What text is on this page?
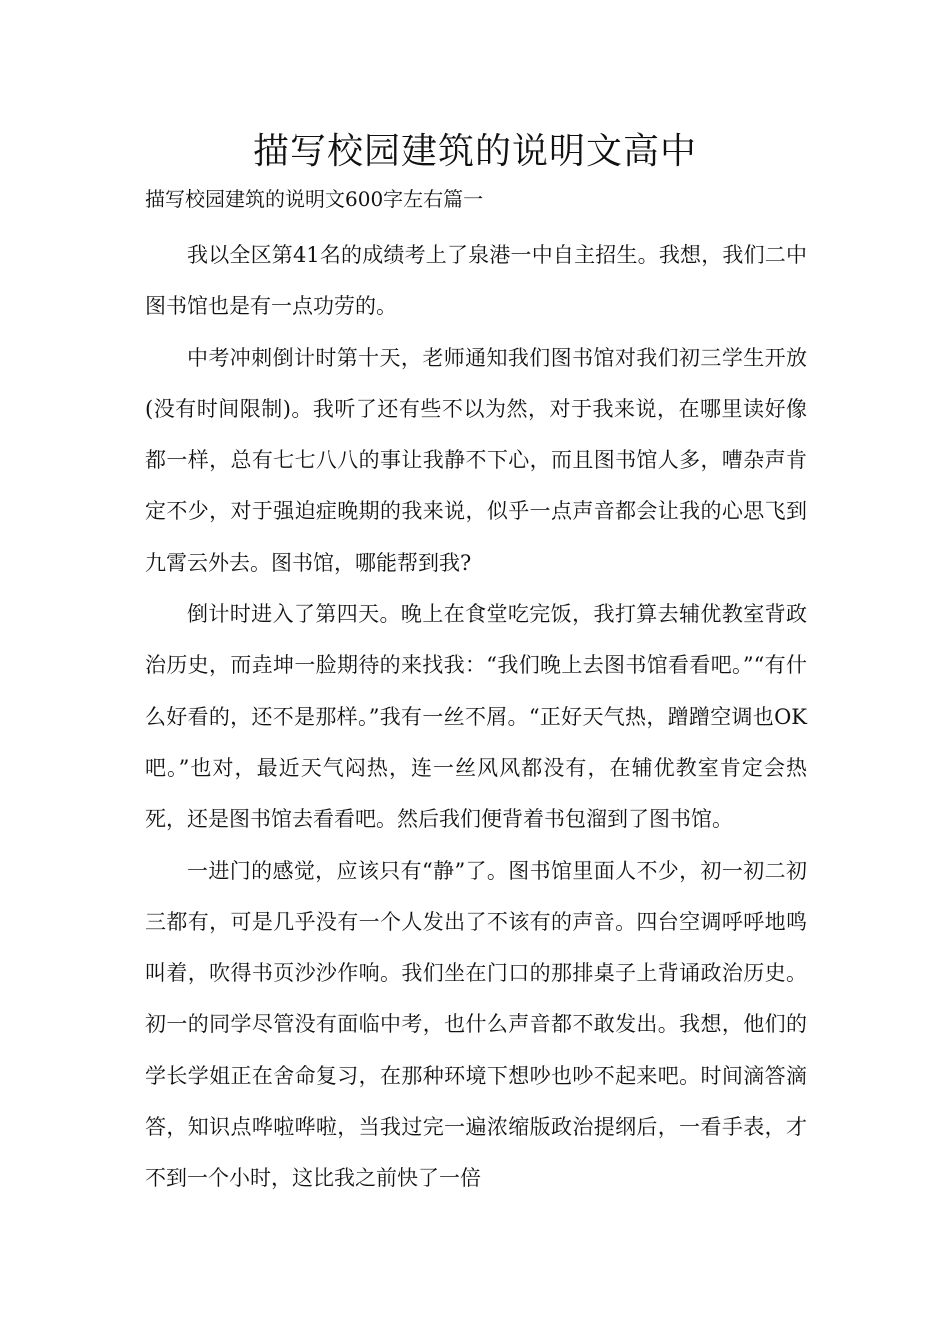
描写校园建筑的说明文高中
描写校园建筑的说明文600字左右篇一

我以全区第41名的成绩考上了泉港一中自主招生。我想，我们二中图书馆也是有一点功劳的。

中考冲刺倒计时第十天，老师通知我们图书馆对我们初三学生开放(没有时间限制)。我听了还有些不以为然，对于我来说，在哪里读好像都一样，总有七七八八的事让我静不下心，而且图书馆人多，嘈杂声肯定不少，对于强迫症晚期的我来说，似乎一点声音都会让我的心思飞到九霄云外去。图书馆，哪能帮到我?

倒计时进入了第四天。晚上在食堂吃完饭，我打算去辅优教室背政治历史，而垚坤一脸期待的来找我：“我们晚上去图书馆看看吧。”“有什么好看的，还不是那样。”我有一丝不屑。“正好天气热，蹭蹭空调也OK吧。”也对，最近天气闷热，连一丝风风都没有，在辅优教室肯定会热死，还是图书馆去看看吧。然后我们便背着书包溜到了图书馆。

一进门的感觉，应该只有“静”了。图书馆里面人不少，初一初二初三都有，可是几乎没有一个人发出了不该有的声音。四台空调呼呼地鸣叫着，吹得书页沙沙作响。我们坐在门口的那排桌子上背诵政治历史。初一的同学尽管没有面临中考，也什么声音都不敢发出。我想，他们的学长学姐正在舍命复习，在那种环境下想吵也吵不起来吧。时间滴答滴答，知识点哗啦哗啦，当我过完一遍浓缩版政治提纲后，一看手表，才不到一个小时，这比我之前快了一倍
